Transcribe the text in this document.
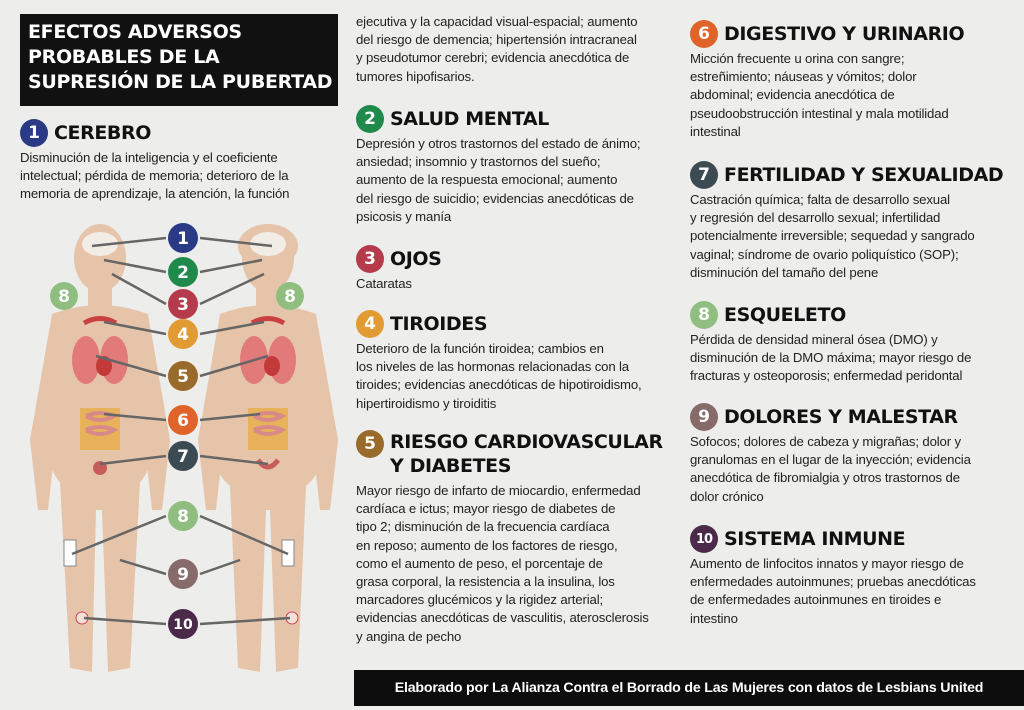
EFECTOS ADVERSOS
PROBABLES DE LA
SUPRESIÓN DE LA PUBERTAD
1 CEREBRO
Disminución de la inteligencia y el coeficiente
intelectual; pérdida de memoria; deterioro de la
memoria de aprendizaje, la atención, la función
ejecutiva y la capacidad visual-espacial; aumento
del riesgo de demencia; hipertensión intracraneal
y pseudotumor cerebri; evidencia anecdótica de
tumores hipofisarios.
2 SALUD MENTAL
Depresión y otros trastornos del estado de ánimo;
ansiedad; insomnio y trastornos del sueño;
aumento de la respuesta emocional; aumento
del riesgo de suicidio; evidencias anecdóticas de
psicosis y manía
3 OJOS
Cataratas
4 TIROIDES
Deterioro de la función tiroidea; cambios en
los niveles de las hormonas relacionadas con la
tiroides; evidencias anecdóticas de hipotiroidismo,
hipertiroidismo y tiroiditis
5 RIESGO CARDIOVASCULAR Y DIABETES
Mayor riesgo de infarto de miocardio, enfermedad
cardíaca e ictus; mayor riesgo de diabetes de
tipo 2; disminución de la frecuencia cardíaca
en reposo; aumento de los factores de riesgo,
como el aumento de peso, el porcentaje de
grasa corporal, la resistencia a la insulina, los
marcadores glucémicos y la rigidez arterial;
evidencias anecdóticas de vasculitis, aterosclerosis
y angina de pecho
6 DIGESTIVO Y URINARIO
Micción frecuente u orina con sangre;
estreñimiento; náuseas y vómitos; dolor
abdominal; evidencia anecdótica de
pseudoobstrucción intestinal y mala motilidad
intestinal
7 FERTILIDAD Y SEXUALIDAD
Castración química; falta de desarrollo sexual
y regresión del desarrollo sexual; infertilidad
potencialmente irreversible; sequedad y sangrado
vaginal; síndrome de ovario poliquístico (SOP);
disminución del tamaño del pene
8 ESQUELETO
Pérdida de densidad mineral ósea (DMO) y
disminución de la DMO máxima; mayor riesgo de
fracturas y osteoporosis; enfermedad peridontal
9 DOLORES Y MALESTAR
Sofocos; dolores de cabeza y migrañas; dolor y
granulomas en el lugar de la inyección; evidencia
anecdótica de fibromialgia y otros trastornos de
dolor crónico
10 SISTEMA INMUNE
Aumento de linfocitos innatos y mayor riesgo de
enfermedades autoinmunes; pruebas anecdóticas
de enfermedades autoinmunes en tiroides e
intestino
1
2
3
4
5
6
7
8
9
10
8	8
Elaborado por La Alianza Contra el Borrado de Las Mujeres con datos de Lesbians United
